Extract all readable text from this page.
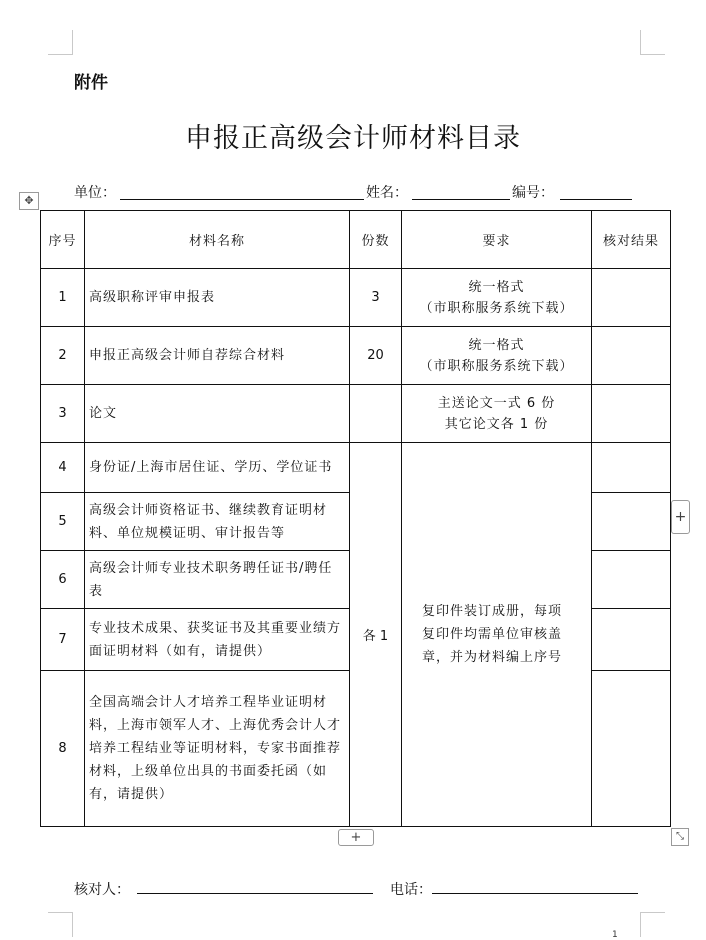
附件
申报正高级会计师材料目录
单位：	姓名：	编号：
✥
序号	材料名称	份数	要求	核对结果
1	高级职称评审申报表	3	统一格式
（市职称服务系统下载）	

2	申报正高级会计师自荐综合材料	20	统一格式
（市职称服务系统下载）	

3	论文		主送论文一式 6 份
其它论文各 1 份	

4	身份证/上海市居住证、学历、学位证书	各 1	复印件装订成册，每项复印件均需单位审核盖章，并为材料编上序号	
5	高级会计师资格证书、继续教育证明材料、单位规模证明、审计报告等			
6	高级会计师专业技术职务聘任证书/聘任表			
7	专业技术成果、获奖证书及其重要业绩方面证明材料（如有，请提供）			
8	全国高端会计人才培养工程毕业证明材料，上海市领军人才、上海优秀会计人才培养工程结业等证明材料，专家书面推荐材料，上级单位出具的书面委托函（如有，请提供）			
+
+	⤡
核对人：	电话：
1
